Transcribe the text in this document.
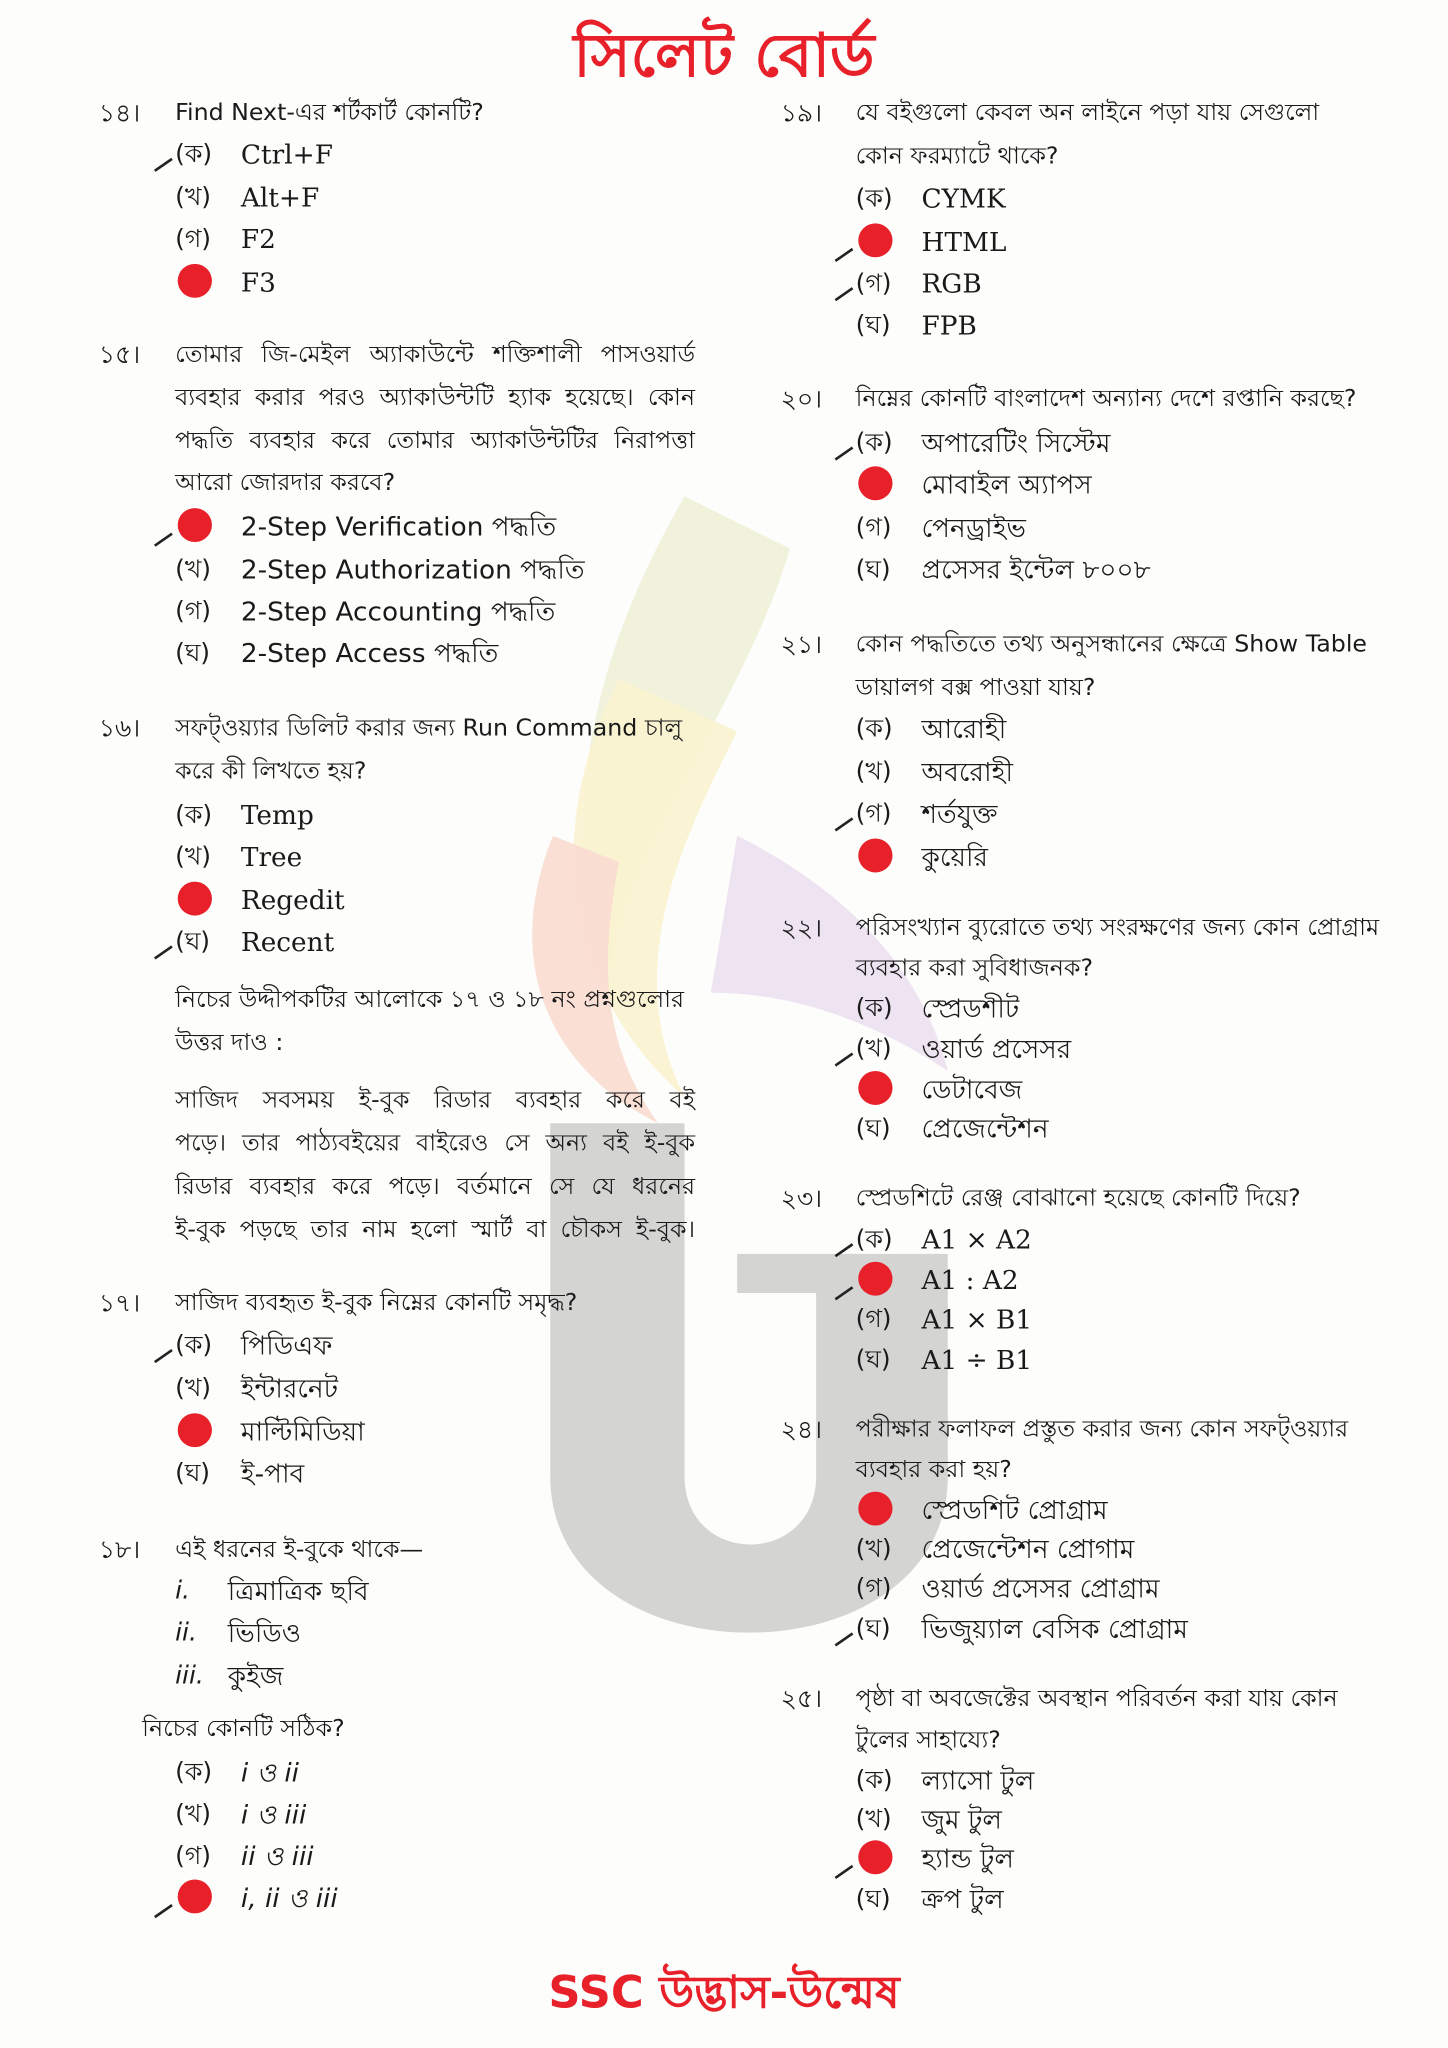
সিলেট বোর্ড
১৪। Find Next-এর শর্টকার্ট কোনটি?
(ক) Ctrl+F
(খ) Alt+F
(গ) F2
F3
১৫। তোমার জি-মেইল অ্যাকাউন্টে শক্তিশালী পাসওয়ার্ড
ব্যবহার করার পরও অ্যাকাউন্টটি হ্যাক হয়েছে। কোন
পদ্ধতি ব্যবহার করে তোমার অ্যাকাউন্টটির নিরাপত্তা
আরো জোরদার করবে?
2-Step Verification পদ্ধতি
(খ) 2-Step Authorization পদ্ধতি
(গ) 2-Step Accounting পদ্ধতি
(ঘ) 2-Step Access পদ্ধতি
১৬। সফট্ওয়্যার ডিলিট করার জন্য Run Command চালু
করে কী লিখতে হয়?
(ক) Temp
(খ) Tree
Regedit
(ঘ) Recent
নিচের উদ্দীপকটির আলোকে ১৭ ও ১৮ নং প্রশ্নগুলোর
উত্তর দাও :
সাজিদ সবসময় ই-বুক রিডার ব্যবহার করে বই
পড়ে। তার পাঠ্যবইয়ের বাইরেও সে অন্য বই ই-বুক
রিডার ব্যবহার করে পড়ে। বর্তমানে সে যে ধরনের
ই-বুক পড়ছে তার নাম হলো স্মার্ট বা চৌকস ই-বুক।
১৭। সাজিদ ব্যবহৃত ই-বুক নিম্নের কোনটি সমৃদ্ধ?
(ক) পিডিএফ
(খ) ইন্টারনেট
মাল্টিমিডিয়া
(ঘ) ই-পাব
১৮। এই ধরনের ই-বুকে থাকে—
i. ত্রিমাত্রিক ছবি
ii. ভিডিও
iii. কুইজ
নিচের কোনটি সঠিক?
(ক) i ও ii
(খ) i ও iii
(গ) ii ও iii
i, ii ও iii
১৯। যে বইগুলো কেবল অন লাইনে পড়া যায় সেগুলো
কোন ফরম্যাটে থাকে?
(ক) CYMK
HTML
(গ) RGB
(ঘ) FPB
২০। নিম্নের কোনটি বাংলাদেশ অন্যান্য দেশে রপ্তানি করছে?
(ক) অপারেটিং সিস্টেম
মোবাইল অ্যাপস
(গ) পেনড্রাইভ
(ঘ) প্রসেসর ইন্টেল ৮০০৮
২১। কোন পদ্ধতিতে তথ্য অনুসন্ধানের ক্ষেত্রে Show Table
ডায়ালগ বক্স পাওয়া যায়?
(ক) আরোহী
(খ) অবরোহী
(গ) শর্তযুক্ত
কুয়েরি
২২। পরিসংখ্যান ব্যুরোতে তথ্য সংরক্ষণের জন্য কোন প্রোগ্রাম
ব্যবহার করা সুবিধাজনক?
(ক) স্প্রেডশীট
(খ) ওয়ার্ড প্রসেসর
ডেটাবেজ
(ঘ) প্রেজেন্টেশন
২৩। স্প্রেডশিটে রেঞ্জ বোঝানো হয়েছে কোনটি দিয়ে?
(ক) A1 × A2
A1 : A2
(গ) A1 × B1
(ঘ) A1 ÷ B1
২৪। পরীক্ষার ফলাফল প্রস্তুত করার জন্য কোন সফট্ওয়্যার
ব্যবহার করা হয়?
স্প্রেডশিট প্রোগ্রাম
(খ) প্রেজেন্টেশন প্রোগাম
(গ) ওয়ার্ড প্রসেসর প্রোগ্রাম
(ঘ) ভিজুয়্যাল বেসিক প্রোগ্রাম
২৫। পৃষ্ঠা বা অবজেক্টের অবস্থান পরিবর্তন করা যায় কোন
টুলের সাহায্যে?
(ক) ল্যাসো টুল
(খ) জুম টুল
হ্যান্ড টুল
(ঘ) ক্রপ টুল
SSC উদ্ভাস-উন্মেষ
